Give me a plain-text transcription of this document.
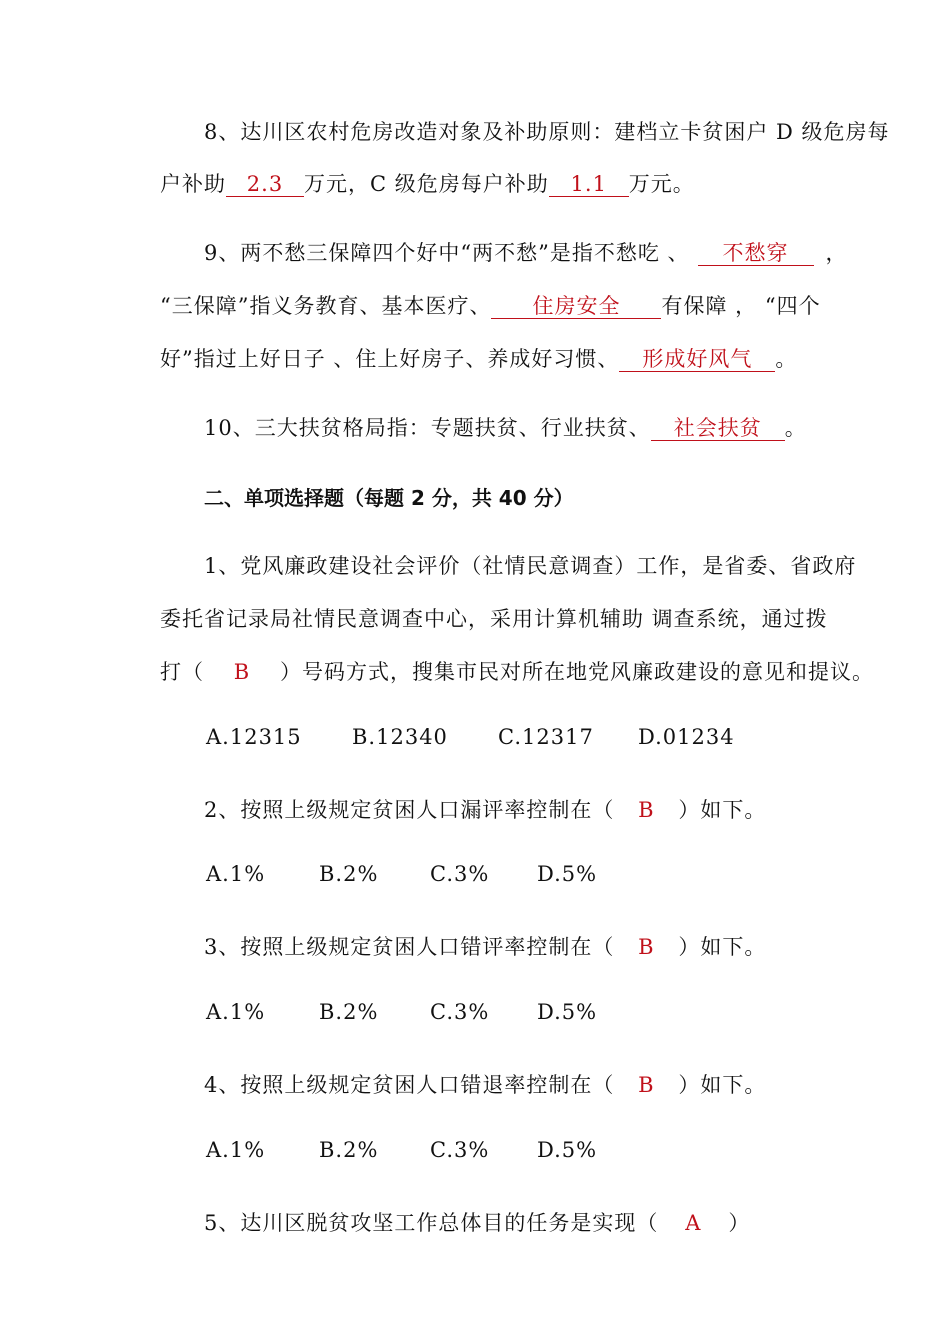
8、达川区农村危房改造对象及补助原则：建档立卡贫困户 D 级危房每
户补助 2.3 万元，C 级危房每户补助 1.1 万元。
9、两不愁三保障四个好中“两不愁”是指不愁吃 、 不愁穿 ，
“三保障”指义务教育、基本医疗、 住房安全 有保障 ， “四个
好”指过上好日子 、住上好房子、养成好习惯、 形成好风气 。
10、三大扶贫格局指：专题扶贫、行业扶贫、 社会扶贫 。
二、单项选择题（每题 2 分，共 40 分）
1、党风廉政建设社会评价（社情民意调查）工作，是省委、省政府
委托省记录局社情民意调查中心，采用计算机辅助 调查系统，通过拨
打（ B ）号码方式，搜集市民对所在地党风廉政建设的意见和提议。
A.12315 B.12340 C.12317 D.01234
2、按照上级规定贫困人口漏评率控制在（ B ）如下。
A.1%	B.2% C.3% D.5%
3、按照上级规定贫困人口错评率控制在（ B ）如下。
A.1%	B.2% C.3% D.5%
4、按照上级规定贫困人口错退率控制在（ B ）如下。
A.1%	B.2% C.3% D.5%
5、达川区脱贫攻坚工作总体目的任务是实现（ A ）
